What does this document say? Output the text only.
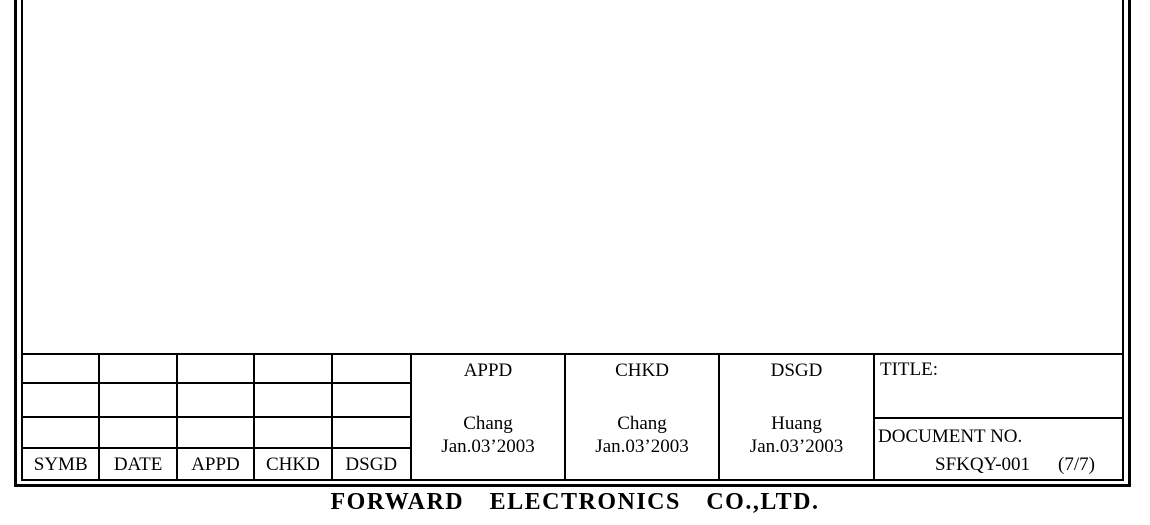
SYMB	DATE	APPD	CHKD	DSGD
APPD
Chang
Jan.03’2003
CHKD
Chang
Jan.03’2003
DSGD
Huang
Jan.03’2003
TITLE:
DOCUMENT NO.
SFKQY-001 (7/7)
FORWARD ELECTRONICS CO.,LTD.
